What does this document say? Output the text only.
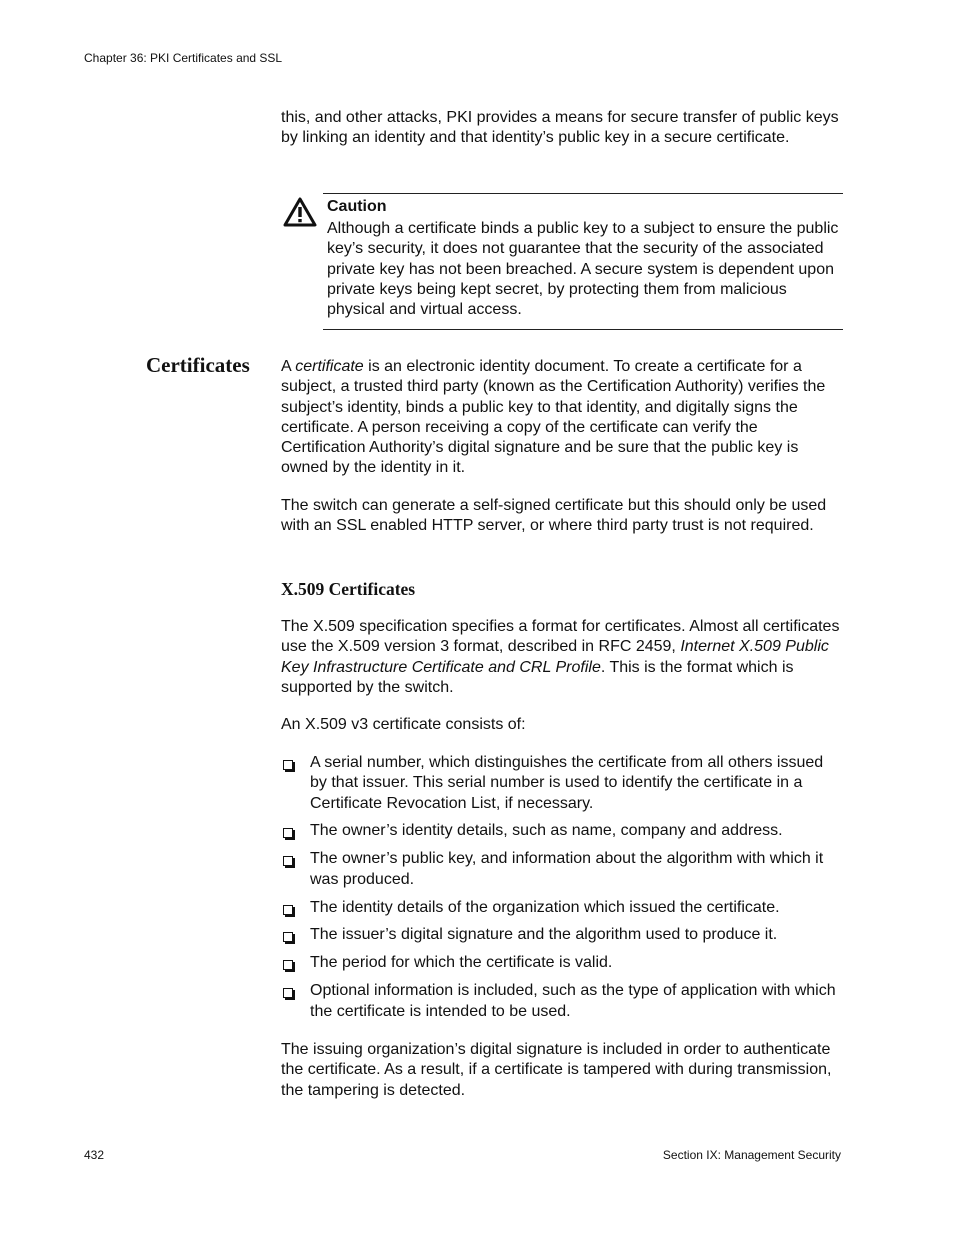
Chapter 36: PKI Certificates and SSL

this, and other attacks, PKI provides a means for secure transfer of public keys by linking an identity and that identity’s public key in a secure certificate.

Caution
Although a certificate binds a public key to a subject to ensure the public key’s security, it does not guarantee that the security of the associated private key has not been breached. A secure system is dependent upon private keys being kept secret, by protecting them from malicious physical and virtual access.
Certificates A certificate is an electronic identity document. To create a certificate for a subject, a trusted third party (known as the Certification Authority) verifies the subject’s identity, binds a public key to that identity, and digitally signs the certificate. A person receiving a copy of the certificate can verify the Certification Authority’s digital signature and be sure that the public key is owned by the identity in it.

The switch can generate a self-signed certificate but this should only be used with an SSL enabled HTTP server, or where third party trust is not required.

X.509 Certificates

The X.509 specification specifies a format for certificates. Almost all certificates use the X.509 version 3 format, described in RFC 2459, Internet X.509 Public Key Infrastructure Certificate and CRL Profile. This is the format which is supported by the switch.

An X.509 v3 certificate consists of:

A serial number, which distinguishes the certificate from all others issued by that issuer. This serial number is used to identify the certificate in a Certificate Revocation List, if necessary.
The owner’s identity details, such as name, company and address.
The owner’s public key, and information about the algorithm with which it was produced.
The identity details of the organization which issued the certificate.
The issuer’s digital signature and the algorithm used to produce it.
The period for which the certificate is valid.
Optional information is included, such as the type of application with which the certificate is intended to be used.

The issuing organization’s digital signature is included in order to authenticate the certificate. As a result, if a certificate is tampered with during transmission, the tampering is detected.

432	Section IX: Management Security
